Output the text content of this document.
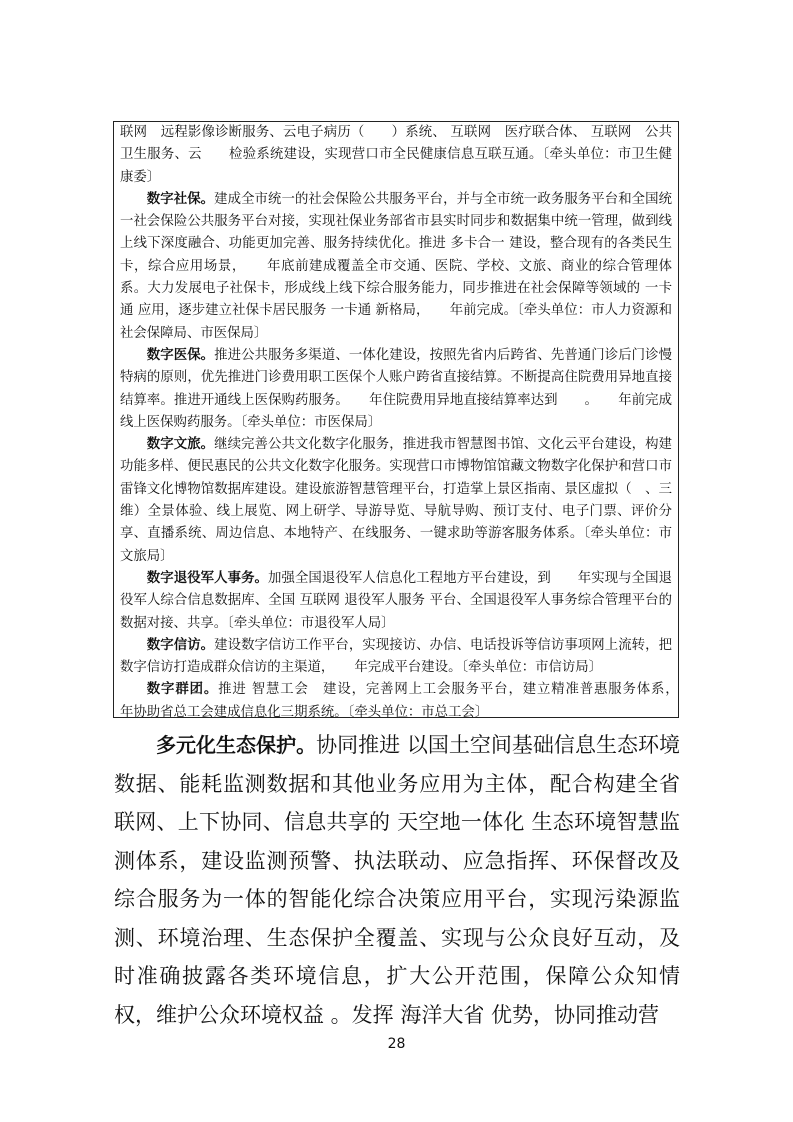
联网　远程影像诊断服务、云电子病历（　　）系统、 互联网　医疗联合体、 互联网　公共卫生服务、云　　检验系统建设，实现营口市全民健康信息互联互通。〔牵头单位：市卫生健康委〕

数字社保。建成全市统一的社会保险公共服务平台，并与全市统一政务服务平台和全国统一社会保险公共服务平台对接，实现社保业务部省市县实时同步和数据集中统一管理，做到线上线下深度融合、功能更加完善、服务持续优化。推进 多卡合一 建设，整合现有的各类民生卡，综合应用场景，　　年底前建成覆盖全市交通、医院、学校、文旅、商业的综合管理体系。大力发展电子社保卡，形成线上线下综合服务能力，同步推进在社会保障等领域的 一卡通 应用，逐步建立社保卡居民服务 一卡通 新格局，　　年前完成。〔牵头单位：市人力资源和社会保障局、市医保局〕

数字医保。推进公共服务多渠道、一体化建设，按照先省内后跨省、先普通门诊后门诊慢特病的原则，优先推进门诊费用职工医保个人账户跨省直接结算。不断提高住院费用异地直接结算率。推进开通线上医保购药服务。　　年住院费用异地直接结算率达到　　。　　年前完成线上医保购药服务。〔牵头单位：市医保局〕

数字文旅。继续完善公共文化数字化服务，推进我市智慧图书馆、文化云平台建设，构建功能多样、便民惠民的公共文化数字化服务。实现营口市博物馆馆藏文物数字化保护和营口市雷锋文化博物馆数据库建设。建设旅游智慧管理平台，打造掌上景区指南、景区虚拟（　、三维）全景体验、线上展览、网上研学、导游导览、导航导购、预订支付、电子门票、评价分享、直播系统、周边信息、本地特产、在线服务、一键求助等游客服务体系。〔牵头单位：市文旅局〕

数字退役军人事务。加强全国退役军人信息化工程地方平台建设，到　　年实现与全国退役军人综合信息数据库、全国 互联网 退役军人服务 平台、全国退役军人事务综合管理平台的数据对接、共享。〔牵头单位：市退役军人局〕

数字信访。建设数字信访工作平台，实现接访、办信、电话投诉等信访事项网上流转，把数字信访打造成群众信访的主渠道，　　年完成平台建设。〔牵头单位：市信访局〕

数字群团。推进 智慧工会　建设，完善网上工会服务平台，建立精准普惠服务体系，　　年协助省总工会建成信息化三期系统。〔牵头单位：市总工会〕

多元化生态保护。协同推进 以国土空间基础信息生态环境数据、能耗监测数据和其他业务应用为主体，配合构建全省联网、上下协同、信息共享的 天空地一体化 生态环境智慧监测体系，建设监测预警、执法联动、应急指挥、环保督改及综合服务为一体的智能化综合决策应用平台，实现污染源监测、环境治理、生态保护全覆盖、实现与公众良好互动，及时准确披露各类环境信息，扩大公开范围，保障公众知情权，维护公众环境权益 。发挥 海洋大省 优势，协同推动营

28
